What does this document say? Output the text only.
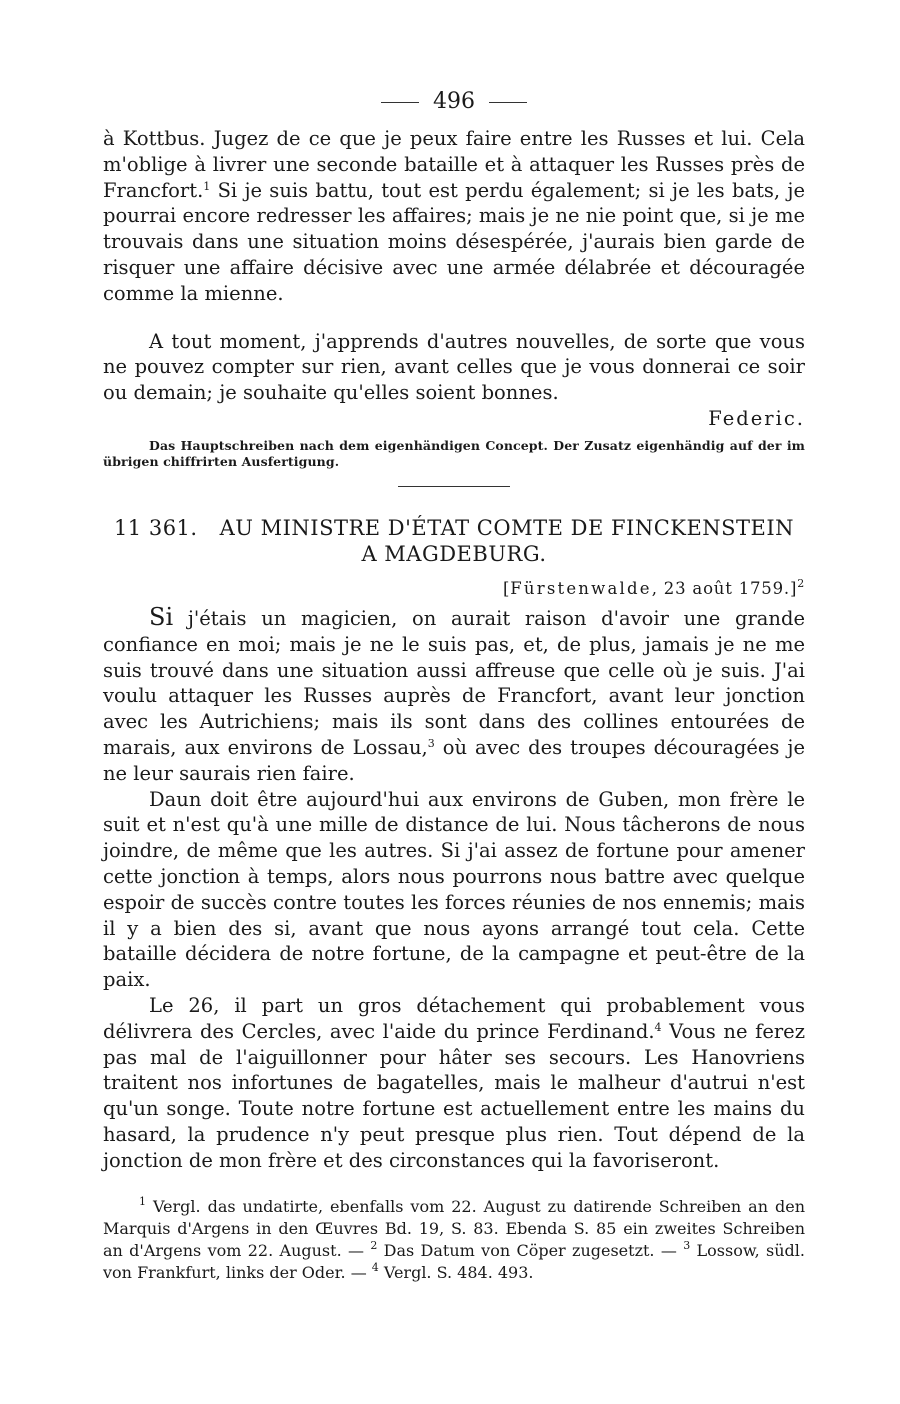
496

à Kottbus. Jugez de ce que je peux faire entre les Russes et lui. Cela m'oblige à livrer une seconde bataille et à attaquer les Russes près de Francfort.$^1$ Si je suis battu, tout est perdu également; si je les bats, je pourrai encore redresser les affaires; mais je ne nie point que, si je me trouvais dans une situation moins désespérée, j'aurais bien garde de risquer une affaire décisive avec une armée délabrée et découragée comme la mienne.

A tout moment, j'apprends d'autres nouvelles, de sorte que vous ne pouvez compter sur rien, avant celles que je vous donnerai ce soir ou demain; je souhaite qu'elles soient bonnes.

Federic.

Das Hauptschreiben nach dem eigenhändigen Concept. Der Zusatz eigenhändig auf der im übrigen chiffrirten Ausfertigung.

11 361. AU MINISTRE D'ÉTAT COMTE DE FINCKENSTEIN

A MAGDEBURG.

[Fürstenwalde, 23 août 1759.]$^2$

Si j'étais un magicien, on aurait raison d'avoir une grande confiance en moi; mais je ne le suis pas, et, de plus, jamais je ne me suis trouvé dans une situation aussi affreuse que celle où je suis. J'ai voulu attaquer les Russes auprès de Francfort, avant leur jonction avec les Autrichiens; mais ils sont dans des collines entourées de marais, aux environs de Lossau,$^3$ où avec des troupes découragées je ne leur saurais rien faire.

Daun doit être aujourd'hui aux environs de Guben, mon frère le suit et n'est qu'à une mille de distance de lui. Nous tâcherons de nous joindre, de même que les autres. Si j'ai assez de fortune pour amener cette jonction à temps, alors nous pourrons nous battre avec quelque espoir de succès contre toutes les forces réunies de nos ennemis; mais il y a bien des si, avant que nous ayons arrangé tout cela. Cette bataille décidera de notre fortune, de la campagne et peut-être de la paix.

Le 26, il part un gros détachement qui probablement vous délivrera des Cercles, avec l'aide du prince Ferdinand.$^4$ Vous ne ferez pas mal de l'aiguillonner pour hâter ses secours. Les Hanovriens traitent nos infortunes de bagatelles, mais le malheur d'autrui n'est qu'un songe. Toute notre fortune est actuellement entre les mains du hasard, la prudence n'y peut presque plus rien. Tout dépend de la jonction de mon frère et des circonstances qui la favoriseront.

$^1$ Vergl. das undatirte, ebenfalls vom 22. August zu datirende Schreiben an den Marquis d'Argens in den Œuvres Bd. 19, S. 83. Ebenda S. 85 ein zweites Schreiben an d'Argens vom 22. August. — $^2$ Das Datum von Cöper zugesetzt. — $^3$ Lossow, südl. von Frankfurt, links der Oder. — $^4$ Vergl. S. 484. 493.
